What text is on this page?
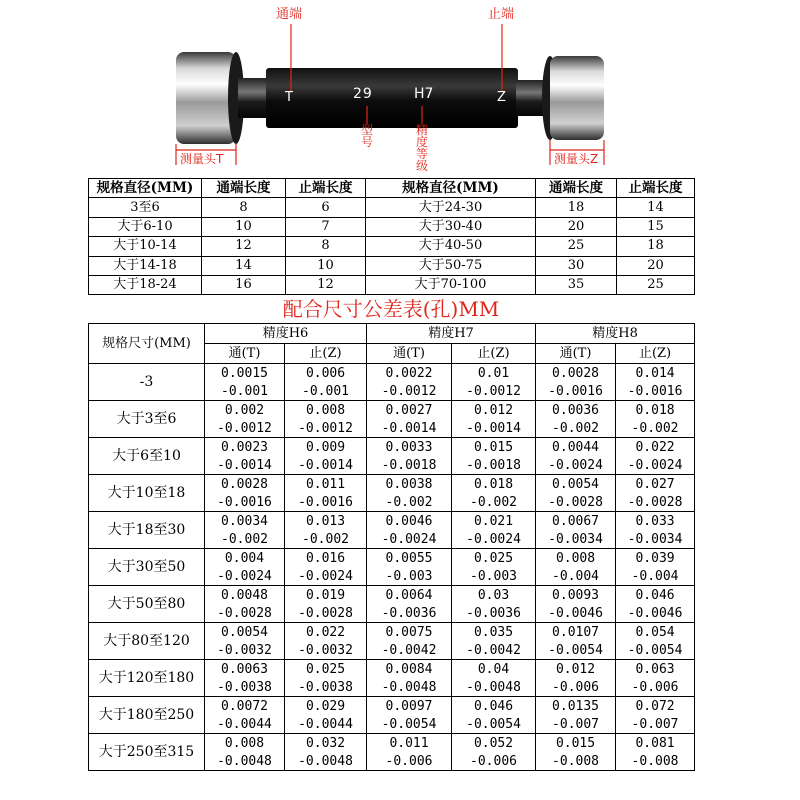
通端	止端
T	29	H7	Z
型
号
精
度
等
级
测量头T	测量头Z
规格直径(MM)	通端长度	止端长度	规格直径(MM)	通端长度	止端长度
3至6	8	6	大于24-30	18	14
大于6-10	10	7	大于30-40	20	15
大于10-14	12	8	大于40-50	25	18
大于14-18	14	10	大于50-75	30	20
大于18-24	16	12	大于70-100	35	25
配合尺寸公差表(孔)MM
规格尺寸(MM)	精度H6		精度H7		精度H8	
	通(T)	止(Z)	通(T)	止(Z)	通(T)	止(Z)
-3	0.0015	0.006	0.0022	0.01	0.0028	0.014
	-0.001	-0.001	-0.0012	-0.0012	-0.0016	-0.0016
大于3至6	0.002	0.008	0.0027	0.012	0.0036	0.018
	-0.0012	-0.0012	-0.0014	-0.0014	-0.002	-0.002
大于6至10	0.0023	0.009	0.0033	0.015	0.0044	0.022
	-0.0014	-0.0014	-0.0018	-0.0018	-0.0024	-0.0024
大于10至18	0.0028	0.011	0.0038	0.018	0.0054	0.027
	-0.0016	-0.0016	-0.002	-0.002	-0.0028	-0.0028
大于18至30	0.0034	0.013	0.0046	0.021	0.0067	0.033
	-0.002	-0.002	-0.0024	-0.0024	-0.0034	-0.0034
大于30至50	0.004	0.016	0.0055	0.025	0.008	0.039
	-0.0024	-0.0024	-0.003	-0.003	-0.004	-0.004
大于50至80	0.0048	0.019	0.0064	0.03	0.0093	0.046
	-0.0028	-0.0028	-0.0036	-0.0036	-0.0046	-0.0046
大于80至120	0.0054	0.022	0.0075	0.035	0.0107	0.054
	-0.0032	-0.0032	-0.0042	-0.0042	-0.0054	-0.0054
大于120至180	0.0063	0.025	0.0084	0.04	0.012	0.063
	-0.0038	-0.0038	-0.0048	-0.0048	-0.006	-0.006
大于180至250	0.0072	0.029	0.0097	0.046	0.0135	0.072
	-0.0044	-0.0044	-0.0054	-0.0054	-0.007	-0.007
大于250至315	0.008	0.032	0.011	0.052	0.015	0.081
	-0.0048	-0.0048	-0.006	-0.006	-0.008	-0.008
